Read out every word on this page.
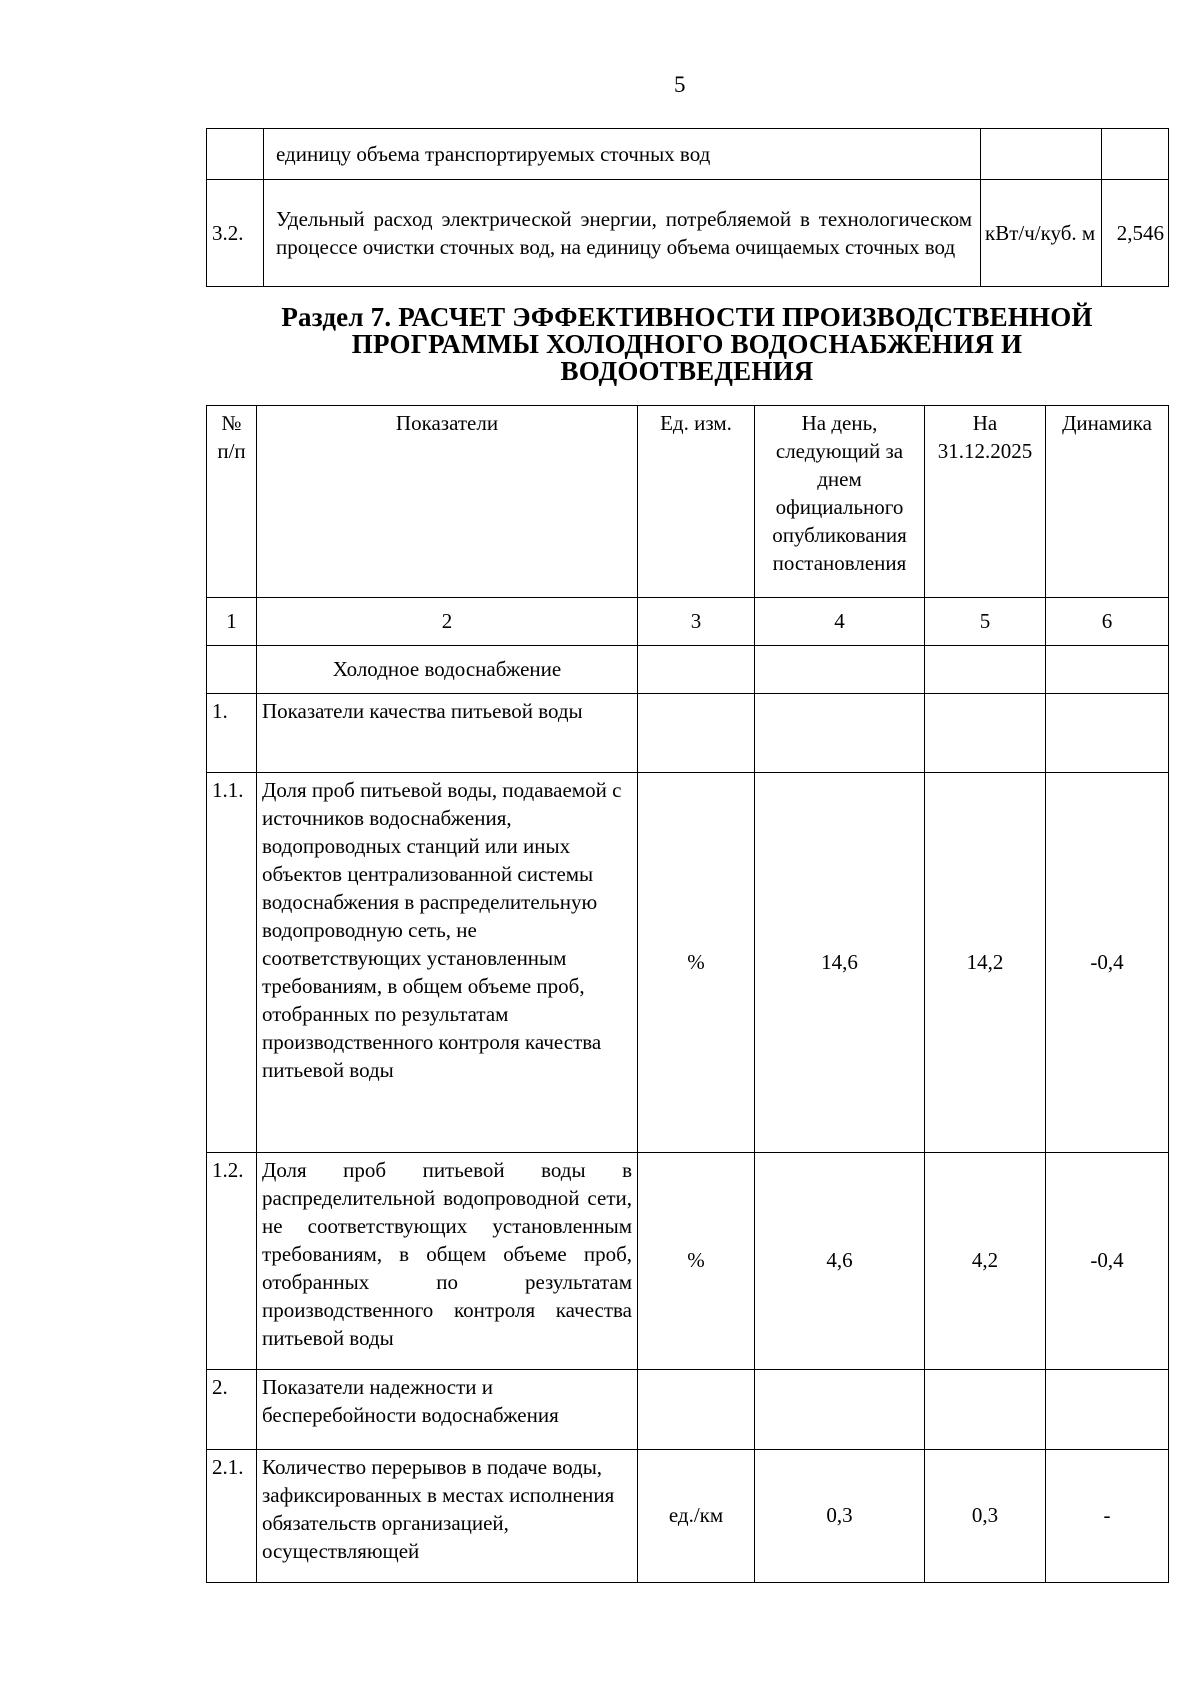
5
	единицу объема транспортируемых сточных вод		
3.2.	Удельный расход электрической энергии, потребляемой в технологическом процессе очистки сточных вод, на единицу объема очищаемых сточных вод	кВт/ч/куб. м	2,546
Раздел 7. РАСЧЕТ ЭФФЕКТИВНОСТИ ПРОИЗВОДСТВЕННОЙ
ПРОГРАММЫ ХОЛОДНОГО ВОДОСНАБЖЕНИЯ И
ВОДООТВЕДЕНИЯ
№ п/п	Показатели	Ед. изм.	На день, следующий за днем официального опубликования постановления	На 31.12.2025	Динамика
1	2	3	4	5	6
	Холодное водоснабжение				
1.	Показатели качества питьевой воды				
1.1.	Доля проб питьевой воды, подаваемой с источников водоснабжения, водопроводных станций или иных объектов централизованной системы водоснабжения в распределительную водопроводную сеть, не соответствующих установленным требованиям, в общем объеме проб, отобранных по результатам производственного контроля качества питьевой воды	%	14,6	14,2	-0,4
1.2.	Доля проб питьевой воды в распределительной водопроводной сети, не соответствующих установленным требованиям, в общем объеме проб, отобранных по результатам производственного контроля качества питьевой воды	%	4,6	4,2	-0,4
2.	Показатели надежности и бесперебойности водоснабжения				
2.1.	Количество перерывов в подаче воды, зафиксированных в местах исполнения обязательств организацией, осуществляющей	ед./км	0,3	0,3	-
